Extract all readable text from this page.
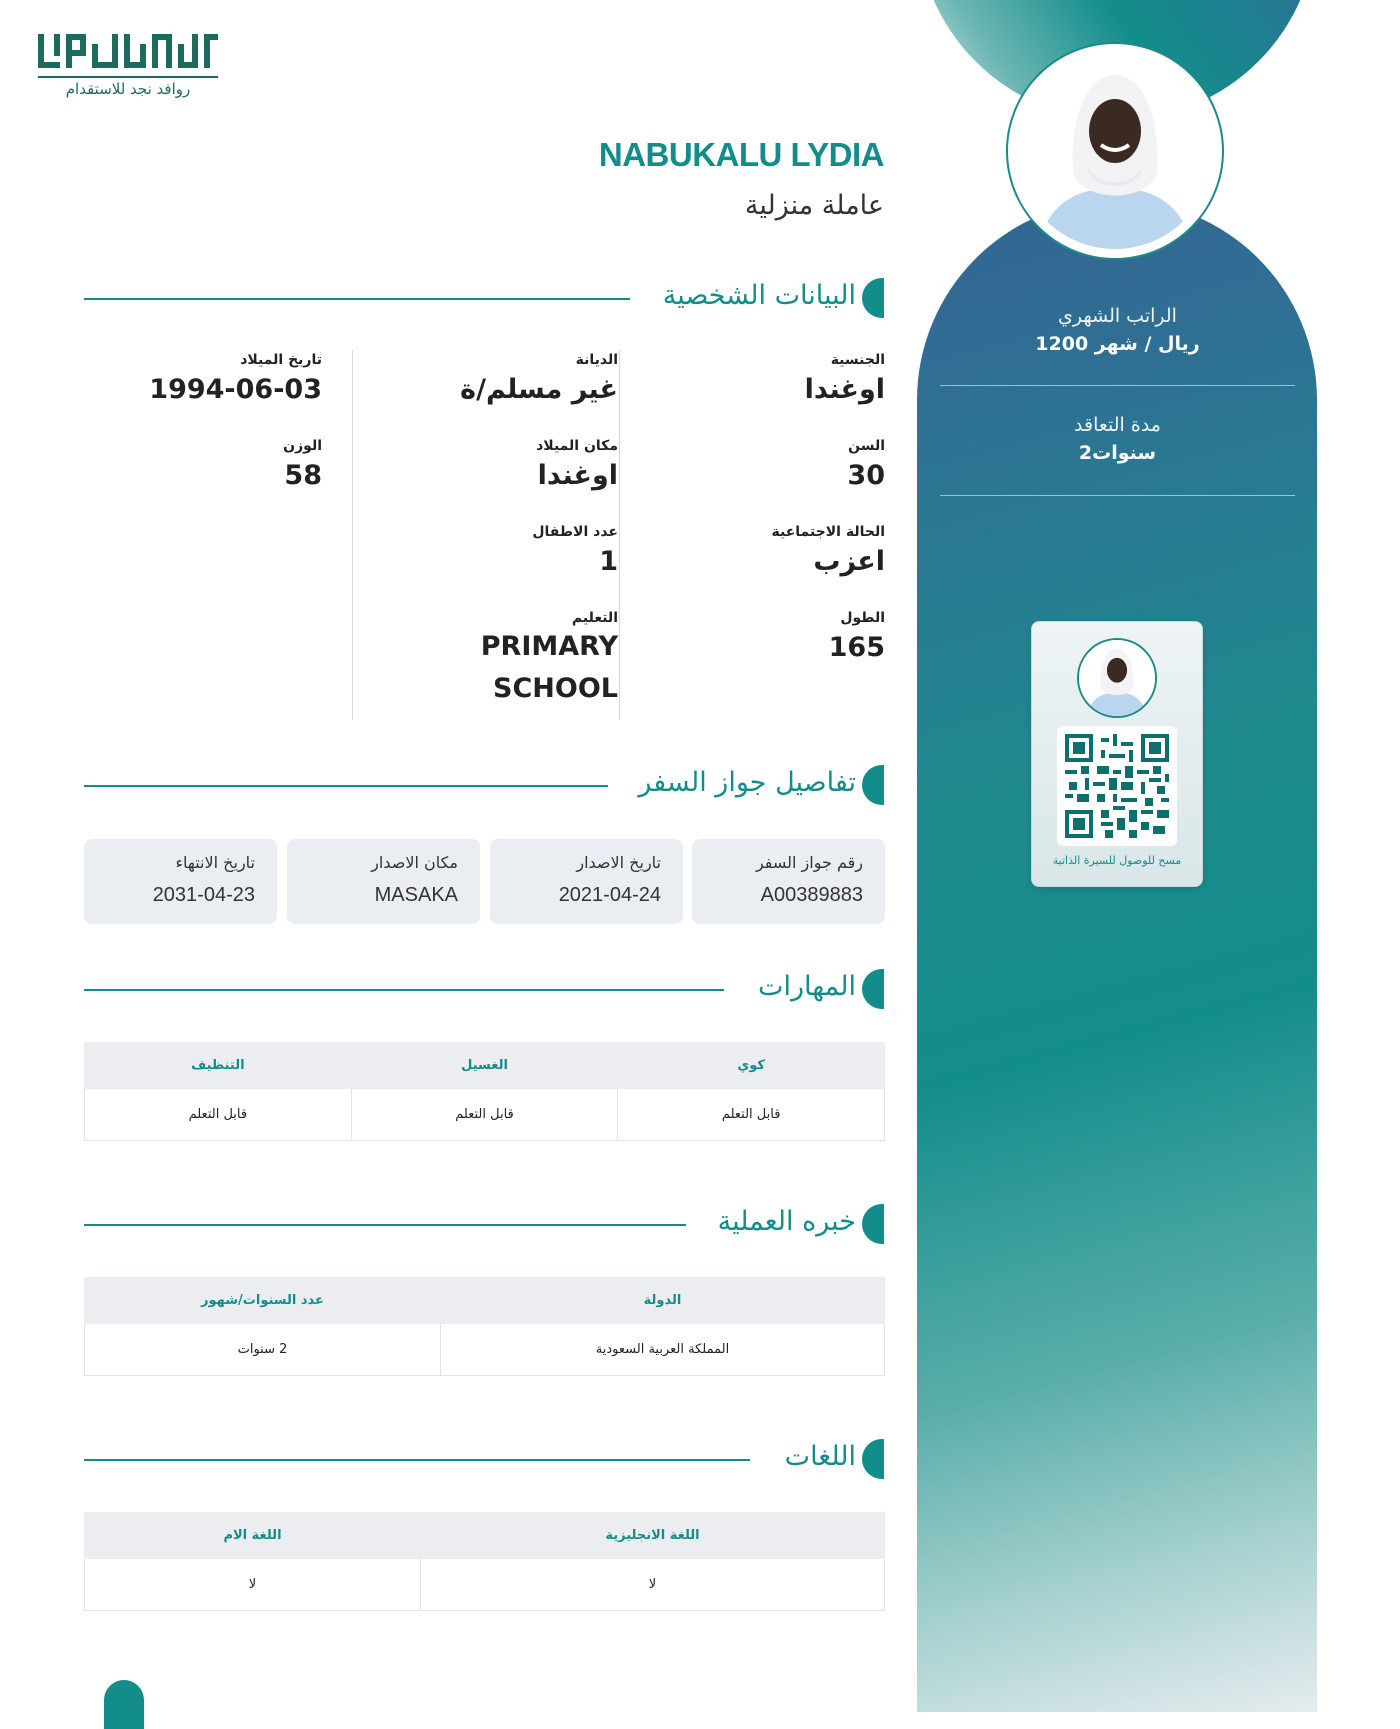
الراتب الشهري
1200 ريال / شهر
مدة التعاقد
2سنوات
مسح للوصول للسيرة الذاتية
روافد نجد للاستقدام
NABUKALU LYDIA
عاملة منزلية
البيانات الشخصية
الجنسية
اوغندا
السن
30
الحالة الاجتماعية
اعزب
الطول
165
الديانة
غير مسلم/ة
مكان الميلاد
اوغندا
عدد الاطفال
1
التعليم
PRIMARY SCHOOL
تاريخ الميلاد
1994-06-03
الوزن
58
تفاصيل جواز السفر
رقم جواز السفر
A00389883
تاريخ الاصدار
2021-04-24
مكان الاصدار
MASAKA
تاريخ الانتهاء
2031-04-23
المهارات
كوي	الغسيل	التنظيف
قابل التعلم	قابل التعلم	قابل التعلم
خبره العملية
الدولة	عدد السنوات/شهور
المملكة العربية السعودية	2 سنوات
اللغات
اللغة الانجليزية	اللغة الام
لا	لا
